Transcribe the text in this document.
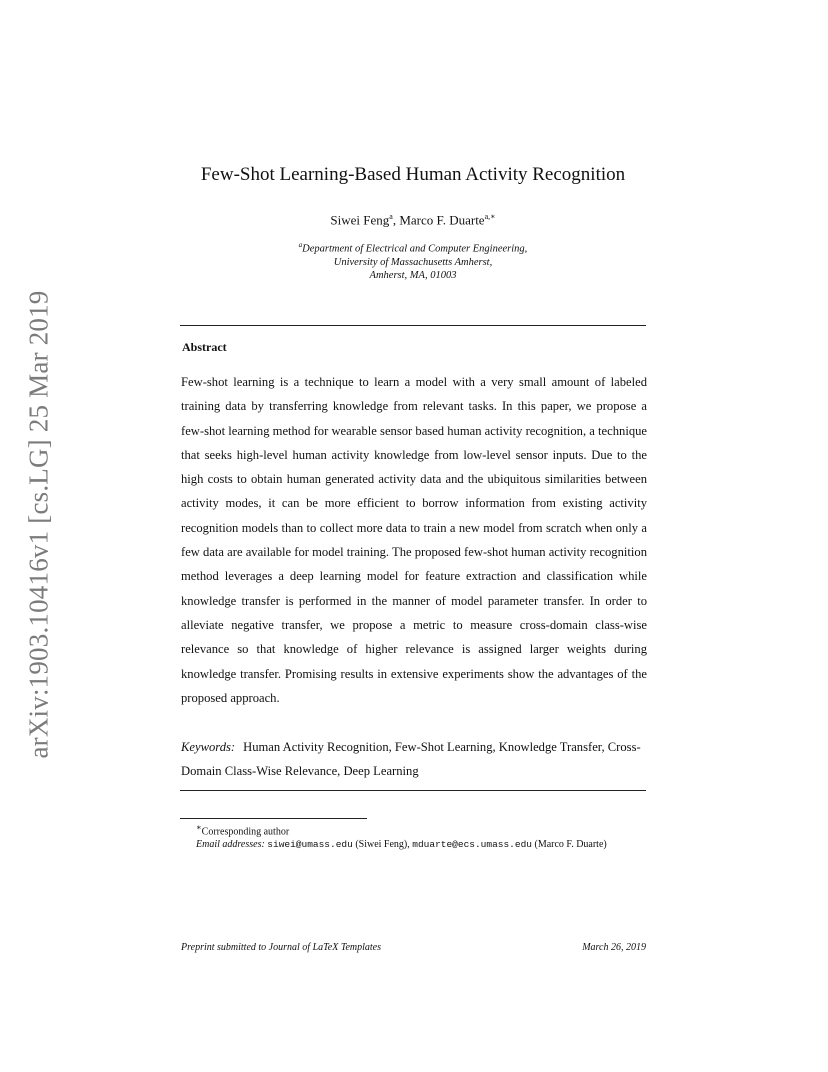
arXiv:1903.10416v1 [cs.LG] 25 Mar 2019
Few-Shot Learning-Based Human Activity Recognition
Siwei Feng$^a$, Marco F. Duarte$^{a,∗}$
$^a$Department of Electrical and Computer Engineering,
University of Massachusetts Amherst,
Amherst, MA, 01003
Abstract
Few-shot learning is a technique to learn a model with a very small amount of labeled training data by transferring knowledge from relevant tasks. In this paper, we propose a few-shot learning method for wearable sensor based human activity recognition, a technique that seeks high-level human activity knowledge from low-level sensor inputs. Due to the high costs to obtain human generated activity data and the ubiquitous similarities between activity modes, it can be more efficient to borrow information from existing activity recognition models than to collect more data to train a new model from scratch when only a few data are available for model training. The proposed few-shot human activity recognition method leverages a deep learning model for feature extraction and classification while knowledge transfer is performed in the manner of model parameter transfer. In order to alleviate negative transfer, we propose a metric to measure cross-domain class-wise relevance so that knowledge of higher relevance is assigned larger weights during knowledge transfer. Promising results in extensive experiments show the advantages of the proposed approach.
Keywords: Human Activity Recognition, Few-Shot Learning, Knowledge Transfer, Cross-Domain Class-Wise Relevance, Deep Learning
∗Corresponding author
Email addresses: siwei@umass.edu (Siwei Feng), mduarte@ecs.umass.edu (Marco F. Duarte)
Preprint submitted to Journal of LaTeX Templates	March 26, 2019
